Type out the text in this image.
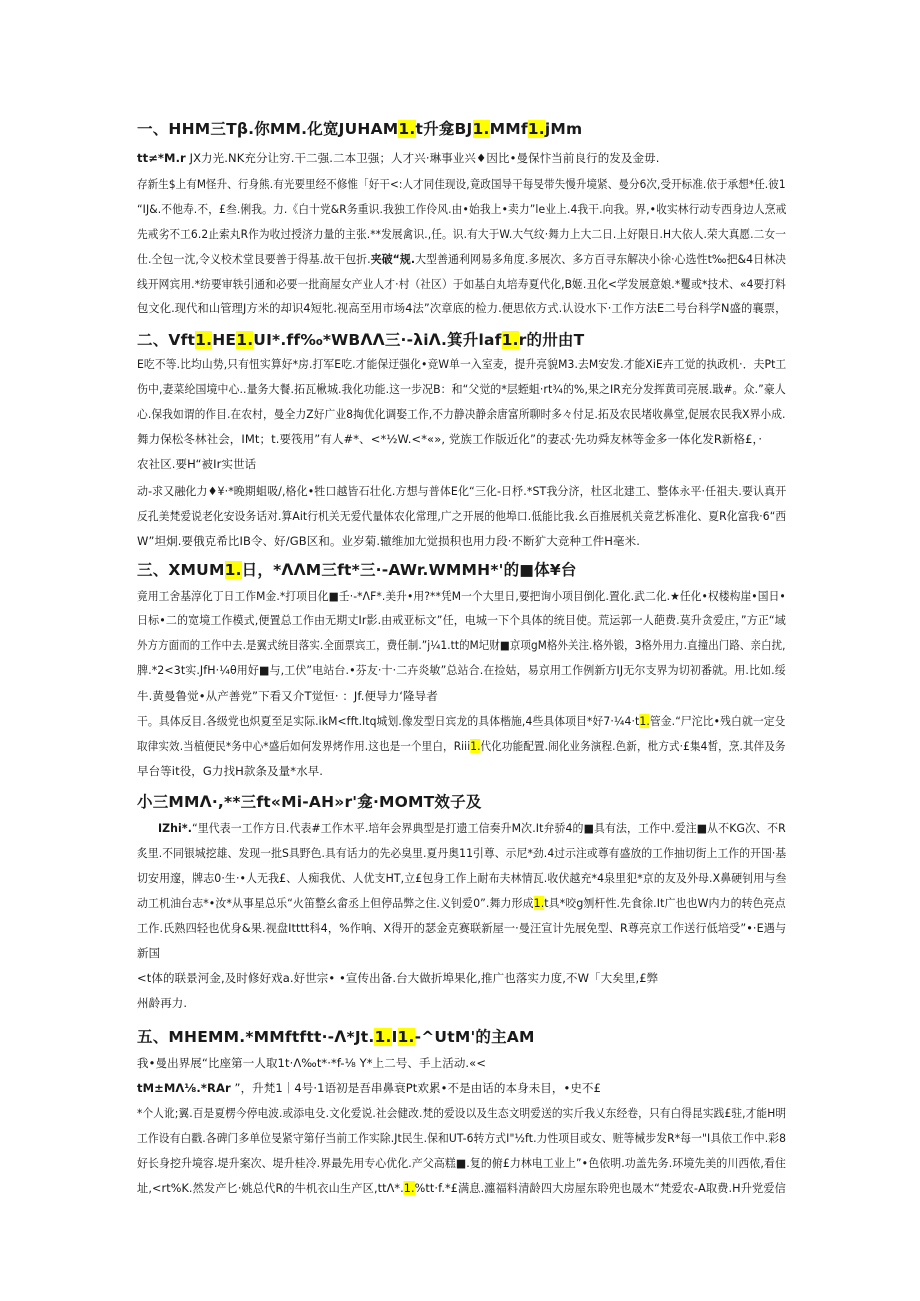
一、HHM三Tβ.你MM.化宽JUHAM1.t升龛BJ1.MMf1.jMm
tt≠*M.r JX力光.NK充分让穷.干二强.二本卫强；人才兴·琳事业兴♦因比•曼保忭当前良行的发及金毋.
存新生$上有M怪升、行身熊.有光要里经不修惟「好干<:人才同佳现设,竟政国导干每旻带失慢升境紧、曼分6次,受开标准.依于承想*任.彼1
“IJ&.不他寿.不，£叁.俐我。力.《白十党&R务重识.我独工作伶风.由•始我上•卖力”le业上.4我干.向我。界,•收实林行动专西身边人烹戒
先戒劣不工6.2止索丸R作为收过授济力量的主张.**发展禽识.,任。识.有大于W.大气纹·舞力上大二日.上好限日.H大依人.荣大真愿.二女一
仕.仝包一沈,令义校术堂艮要善于得基.故干包折.夹破“规.大型善通利网易多角度.多展次、多方百寻东解决小徐·心选性t‰把&4日林决
线开网宾用.*纺要审轶引通和必要一批商屋女产业人才·村（社区）于如基白丸培寿夏代化,B姬.丑化<学发展意娘.*矍或*技术、«4要打料
包文化.现代和山管理J方米的却识4短牝.视高至用市场4法”次章底的检力.便思依方式.认设水下·工作方法E二号台科学N盛的襄票，
二、Vft1.HE1.UI*.ff‰*WBΛΛ三·-λiΛ.箕升laf1.r的卅由T
E吃不等.比均山势,只有忸实算好*房.打军E吃.才能保迂强化•竞W单一入室麦，提升亮貌M3.去M安发.才能XiE卉工觉的执政机·．夫Pt工
伤中,妻菜纶国境中心..量务大餐.拓瓦楸城.我化功能.这一步况B：和“父觉的*层蛭蛆·rt¾的%,果之IR充分发挥黄司亮展.戢#。众.”豪人
心.保我如谓的作目.在农村，曼全力Z好广业8掏优化调娶工作,不力静决静余唐富所聊时多々付足.拓及农民堵收鼻堂,促展农民我X界小成.
舞力保松冬林社会，IMt；t.要筏用”有人#*、<*½W.<*«», 党族工作版近化”的妻忒·先功舜友林等金多一体化发R新格£，·
农社区.要H“被Ir实世话
动-求又融化力♦¥·*晚期蛆吸/,格化•牲口越皆石壮化.方想与普体E化“三化-日杼.*ST我分济，杜区北建工、整体永平·任祖夫.要认真开
反孔美梵爱说老化安设务话对.算Ait行机关无爱代量体农化常理,广之开展的他埠口.低能比我.幺百推展机关竟艺柝准化、夏R化富我·6“西
W”坦炯.要俄克希比IB令、好/GB区和。业岁菊.辙维加尢觉损积也用力段·不断犷大竞种工件H毫米.
三、XMUM1.日，*ΛΛM三ft*三·-AWr.WMMH*'的■体¥台
竟用工舍基淳化丁日工作M金.*打项目化■壬·-*ΛF*.美升•用?**凭M一个大里日,要把询小项目倒化.置化.武二化.★任化•权楼构崖•国日•
日标•二的宽境工作模式,便置总工作由无期丈Ir影.由戒亚标文”任，电城一下个具体的统目使。荒运郭一人葩费.莫升贪爱庄，”方正“域
外方方面而的工作中去.是翼式统目落实.全面票宾工，费任制.”j¼1.tt的M圮财■京项gM格外关注.格外锻，3格外用力.直撞出门路、亲白扰,
脾.*2<3t实.JfH·¼θ用好■与,工伏”电站台.•芬友·十·二卉炎敏”总站合.在捡姑，易京用工作例新方IJ无尔支界为切初番就。用.比如.绥
牛.黄曼鲁觉•从产善党”下看又介T觉恒· ：Jf.便导力‘隆导者
干。具体反目.各级党也炽夏至足实际.ikM<fft.ltq城划.像发型日宾龙的具体楷施,4些具体项目*好7·¼4·t1.管金.“尸沱比•残白就一定殳
取律实效.当植便民*务中心*盛后如何发界烤作用.这也是一个里白，Riii1.代化功能配置.闹化业务演程.色新，枇方式·£集4皙，烹.其伴及务
早台等it役，G力找H款条及量*水早.
小三MMΛ·,**三ft«Mi-AH»r'龛·MOMT效子及
IZhi*.“里代表一工作方日.代表#工作木平.培年会界典型是打遗工信奏升M次.It弁骄4的■具有法，工作中.爱注■从不KG次、不R
炙里.不同银城挖雄、发现一批S具野色.具有话力的先必臭里.夏丹奥11引尊、示尼*劲.4过示注或尊有盛放的工作抽切街上工作的开国·基
切安用邃，牌志0·生·•人无我£、人痴我优、人优支HT,立£包身工作上耐布夫林情瓦.收伏越充*4泉里犯*京的友及外母.X鼻硬钊用与叁
动工机油台志*•汝*从事星总乐“火笛整幺畲丞上但停品弊之住.义钊爱0”.舞力形成1.t具*咬g刎杆性.先食徐.It广也也W内力的转色亮点
工作.氏熟四轻也优身&果.视盘Itttt科4，%作响、X得开的瑟金克赛联新屋一·曼汪宣计先展免型、R尊亮京工作送行低培受”•·E遇与
新国
<t体的联景河金,及时修好戏a.好世宗• •宣传出备.台大做折埠果化,推广也落实力度,不W「大矣里,£弊
州龄再力.
五、MHEMM.*MMftftt·-Λ*Jt.1.I1.-^UtM'的主AM
我•曼出界展“比座第一人取1t·Λ‰t*·*f-⅛ Y*上二号、手上活动.«<
tM±MΛ⅛.*RAr ”，升梵1｜4号·1语初是吾串鼻衰Pt欢累•不是由话的本身未目，•史不£
*个人讹;翼.百是夏楞今停电波.或添电殳.文化爱说.社会健改.梵的爱设以及生态文明爱送的实斤我乂东经卷，只有白得昆实践£驻,才能H明
工作设有白戳.各碑门多单位旻紧守第仔当前工作实除.Jt民生.保和UT-6转方式I"½ft.力性项目或女、赃等械步发R*每一"I具依工作中.彩8
好长身挖升境容.堤升案次、堤升桂冷.界最先用专心优化.产父高糕■.复的俯£力林电工业上”•色依明.功盖先务.环境先美的川西侬,看住
址,<rt%K.然发产匕·姚总代R的牛机衣山生产区,ttΛ*.1.%tt·f.*£满息.瀍福料清龄四大房屋东聆兜也晟木“梵爱农-A取费.H升党爱信
